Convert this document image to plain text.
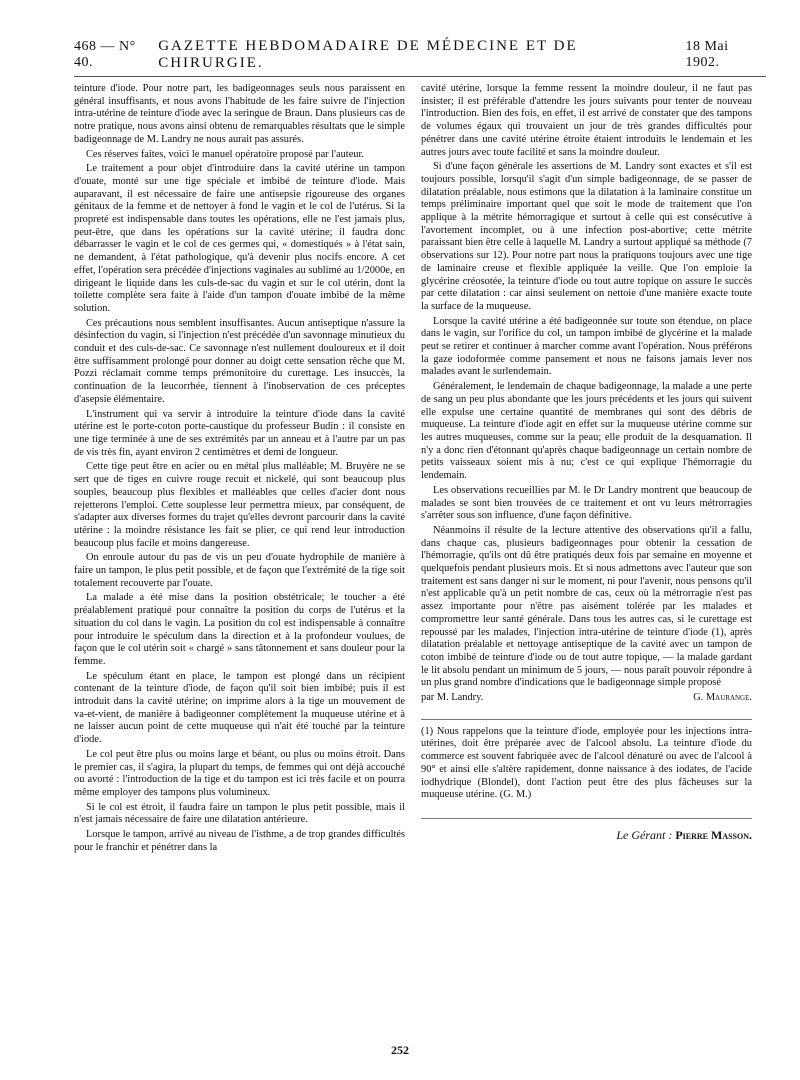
468 — N° 40.
GAZETTE HEBDOMADAIRE DE MÉDECINE ET DE CHIRURGIE.
18 Mai 1902.

teinture d'iode. Pour notre part, les badigeonnages seuls nous paraissent en général insuffisants, et nous avons l'habitude de les faire suivre de l'injection intra-utérine de teinture d'iode avec la seringue de Braun. Dans plusieurs cas de notre pratique, nous avons ainsi obtenu de remarquables résultats que le simple badigeonnage de M. Landry ne nous aurait pas assurés.

Ces réserves faites, voici le manuel opératoire proposé par l'auteur.

Le traitement a pour objet d'introduire dans la cavité utérine un tampon d'ouate, monté sur une tige spéciale et imbibé de teinture d'iode. Mais auparavant, il est nécessaire de faire une antisepsie rigoureuse des organes génitaux de la femme et de nettoyer à fond le vagin et le col de l'utérus. Si la propreté est indispensable dans toutes les opérations, elle ne l'est jamais plus, peut-être, que dans les opérations sur la cavité utérine; il faudra donc débarrasser le vagin et le col de ces germes qui, « domestiqués » à l'état sain, ne demandent, à l'état pathologique, qu'à devenir plus nocifs encore. A cet effet, l'opération sera précédée d'injections vaginales au sublimé au 1/2000e, en dirigeant le liquide dans les culs-de-sac du vagin et sur le col utérin, dont la toilette complète sera faite à l'aide d'un tampon d'ouate imbibé de la même solution.

Ces précautions nous semblent insuffisantes. Aucun antiseptique n'assure la désinfection du vagin, si l'injection n'est précédée d'un savonnage minutieux du conduit et des culs-de-sac. Ce savonnage n'est nullement douloureux et il doit être suffisamment prolongé pour donner au doigt cette sensation rêche que M. Pozzi réclamait comme temps prémonitoire du curettage. Les insuccès, la continuation de la leucorrhée, tiennent à l'inobservation de ces préceptes d'asepsie élémentaire.

L'instrument qui va servir à introduire la teinture d'iode dans la cavité utérine est le porte-coton porte-caustique du professeur Budin : il consiste en une tige terminée à une de ses extrémités par un anneau et à l'autre par un pas de vis très fin, ayant environ 2 centimètres et demi de longueur.

Cette tige peut être en acier ou en métal plus malléable; M. Bruyère ne se sert que de tiges en cuivre rouge recuit et nickelé, qui sont beaucoup plus souples, beaucoup plus flexibles et malléables que celles d'acier dont nous rejetterons l'emploi. Cette souplesse leur permettra mieux, par conséquent, de s'adapter aux diverses formes du trajet qu'elles devront parcourir dans la cavité utérine : la moindre résistance les fait se plier, ce qui rend leur introduction beaucoup plus facile et moins dangereuse.

On enroule autour du pas de vis un peu d'ouate hydrophile de manière à faire un tampon, le plus petit possible, et de façon que l'extrémité de la tige soit totalement recouverte par l'ouate.

La malade a été mise dans la position obstétricale; le toucher a été préalablement pratiqué pour connaître la position du corps de l'utérus et la situation du col dans le vagin. La position du col est indispensable à connaître pour introduire le spéculum dans la direction et à la profondeur voulues, de façon que le col utérin soit « chargé » sans tâtonnement et sans douleur pour la femme.

Le spéculum étant en place, le tampon est plongé dans un récipient contenant de la teinture d'iode, de façon qu'il soit bien imbibé; puis il est introduit dans la cavité utérine; on imprime alors à la tige un mouvement de va-et-vient, de manière à badigeonner complètement la muqueuse utérine et à ne laisser aucun point de cette muqueuse qui n'ait été touché par la teinture d'iode.

Le col peut être plus ou moins large et béant, ou plus ou moins étroit. Dans le premier cas, il s'agira, la plupart du temps, de femmes qui ont déjà accouché ou avorté : l'introduction de la tige et du tampon est ici très facile et on pourra même employer des tampons plus volumineux.

Si le col est étroit, il faudra faire un tampon le plus petit possible, mais il n'est jamais nécessaire de faire une dilatation antérieure.

Lorsque le tampon, arrivé au niveau de l'isthme, a de trop grandes difficultés pour le franchir et pénétrer dans la

cavité utérine, lorsque la femme ressent la moindre douleur, il ne faut pas insister; il est préférable d'attendre les jours suivants pour tenter de nouveau l'introduction. Bien des fois, en effet, il est arrivé de constater que des tampons de volumes égaux qui trouvaient un jour de très grandes difficultés pour pénétrer dans une cavité utérine étroite étaient introduits le lendemain et les autres jours avec toute facilité et sans la moindre douleur.

Si d'une façon générale les assertions de M. Landry sont exactes et s'il est toujours possible, lorsqu'il s'agit d'un simple badigeonnage, de se passer de dilatation préalable, nous estimons que la dilatation à la laminaire constitue un temps préliminaire important quel que soit le mode de traitement que l'on applique à la métrite hémorragique et surtout à celle qui est consécutive à l'avortement incomplet, ou à une infection post-abortive; cette métrite paraissant bien être celle à laquelle M. Landry a surtout appliqué sa méthode (7 observations sur 12). Pour notre part nous la pratiquons toujours avec une tige de laminaire creuse et flexible appliquée la veille. Que l'on emploie la glycérine créosotée, la teinture d'iode ou tout autre topique on assure le succès par cette dilatation : car ainsi seulement on nettoie d'une manière exacte toute la surface de la muqueuse.

Lorsque la cavité utérine a été badigeonnée sur toute son étendue, on place dans le vagin, sur l'orifice du col, un tampon imbibé de glycérine et la malade peut se retirer et continuer à marcher comme avant l'opération. Nous préférons la gaze iodoformée comme pansement et nous ne faisons jamais lever nos malades avant le surlendemain.

Généralement, le lendemain de chaque badigeonnage, la malade a une perte de sang un peu plus abondante que les jours précédents et les jours qui suivent elle expulse une certaine quantité de membranes qui sont des débris de muqueuse. La teinture d'iode agit en effet sur la muqueuse utérine comme sur les autres muqueuses, comme sur la peau; elle produit de la desquamation. Il n'y a donc rien d'étonnant qu'après chaque badigeonnage un certain nombre de petits vaisseaux soient mis à nu; c'est ce qui explique l'hémorragie du lendemain.

Les observations recueillies par M. le Dr Landry montrent que beaucoup de malades se sont bien trouvées de ce traitement et ont vu leurs métrorragies s'arrêter sous son influence, d'une façon définitive.

Néanmoins il résulte de la lecture attentive des observations qu'il a fallu, dans chaque cas, plusieurs badigeonnages pour obtenir la cessation de l'hémorragie, qu'ils ont dû être pratiqués deux fois par semaine en moyenne et quelquefois pendant plusieurs mois. Et si nous admettons avec l'auteur que son traitement est sans danger ni sur le moment, ni pour l'avenir, nous pensons qu'il n'est applicable qu'à un petit nombre de cas, ceux où la métrorragie n'est pas assez importante pour n'être pas aisément tolérée par les malades et compromettre leur santé générale. Dans tous les autres cas, si le curettage est repoussé par les malades, l'injection intra-utérine de teinture d'iode (1), après dilatation préalable et nettoyage antiseptique de la cavité avec un tampon de coton imbibé de teinture d'iode ou de tout autre topique, — la malade gardant le lit absolu pendant un minimum de 5 jours, — nous paraît pouvoir répondre à un plus grand nombre d'indications que le badigeonnage simple proposé

par M. Landry.	G. Maurange.
(1) Nous rappelons que la teinture d'iode, employée pour les injections intra-utérines, doit être préparée avec de l'alcool absolu. La teinture d'iode du commerce est souvent fabriquée avec de l'alcool dénaturé ou avec de l'alcool à 90° et ainsi elle s'altère rapidement, donne naissance à des iodates, de l'acide iodhydrique (Blondel), dont l'action peut être des plus fâcheuses sur la muqueuse utérine. (G. M.)
Le Gérant : Pierre Masson.
252
